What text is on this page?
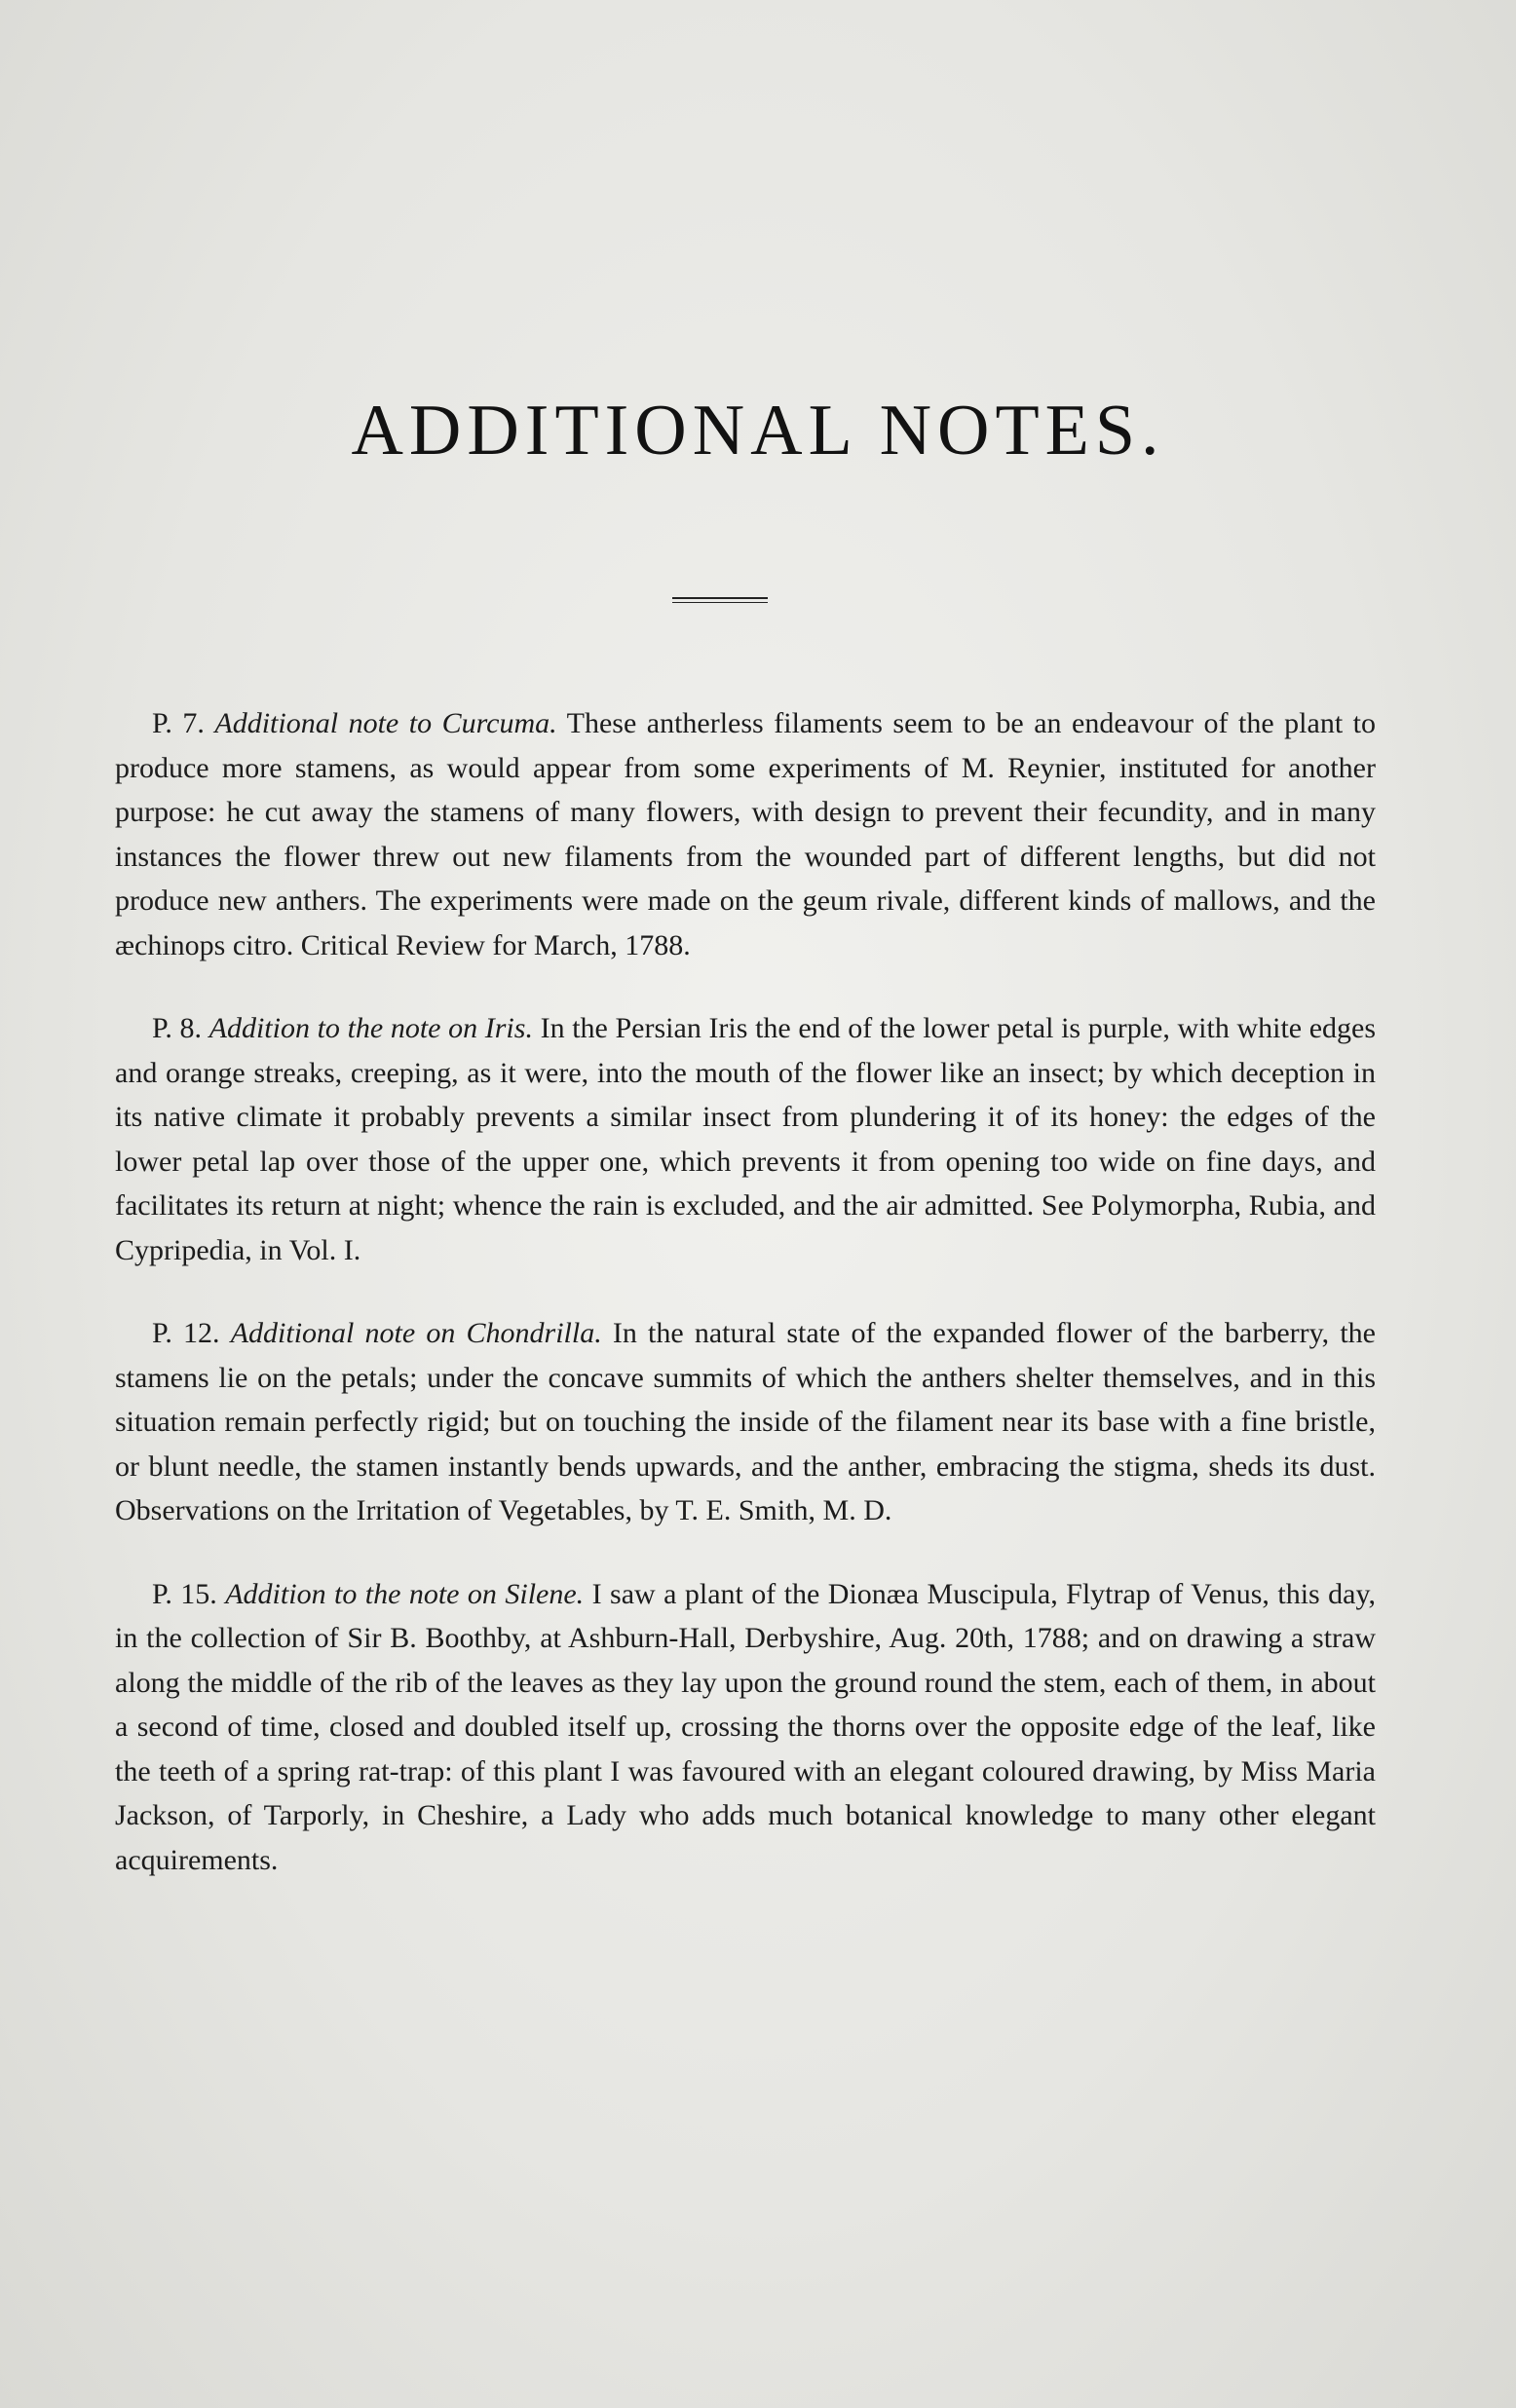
ADDITIONAL NOTES.

P. 7. Additional note to Curcuma. These antherless filaments seem to be an endeavour of the plant to produce more stamens, as would appear from some experiments of M. Reynier, instituted for another purpose: he cut away the stamens of many flowers, with design to prevent their fecundity, and in many instances the flower threw out new filaments from the wounded part of different lengths, but did not produce new anthers. The experiments were made on the geum rivale, different kinds of mallows, and the æchinops citro. Critical Review for March, 1788.

P. 8. Addition to the note on Iris. In the Persian Iris the end of the lower petal is purple, with white edges and orange streaks, creeping, as it were, into the mouth of the flower like an insect; by which deception in its native climate it probably prevents a similar insect from plundering it of its honey: the edges of the lower petal lap over those of the upper one, which prevents it from opening too wide on fine days, and facilitates its return at night; whence the rain is excluded, and the air admitted. See Polymorpha, Rubia, and Cypripedia, in Vol. I.

P. 12. Additional note on Chondrilla. In the natural state of the expanded flower of the barberry, the stamens lie on the petals; under the concave summits of which the anthers shelter themselves, and in this situation remain perfectly rigid; but on touching the inside of the filament near its base with a fine bristle, or blunt needle, the stamen instantly bends upwards, and the anther, embracing the stigma, sheds its dust. Observations on the Irritation of Vegetables, by T. E. Smith, M. D.

P. 15. Addition to the note on Silene. I saw a plant of the Dionæa Muscipula, Flytrap of Venus, this day, in the collection of Sir B. Boothby, at Ashburn-Hall, Derbyshire, Aug. 20th, 1788; and on drawing a straw along the middle of the rib of the leaves as they lay upon the ground round the stem, each of them, in about a second of time, closed and doubled itself up, crossing the thorns over the opposite edge of the leaf, like the teeth of a spring rat-trap: of this plant I was favoured with an elegant coloured drawing, by Miss Maria Jackson, of Tarporly, in Cheshire, a Lady who adds much botanical knowledge to many other elegant acquirements.
